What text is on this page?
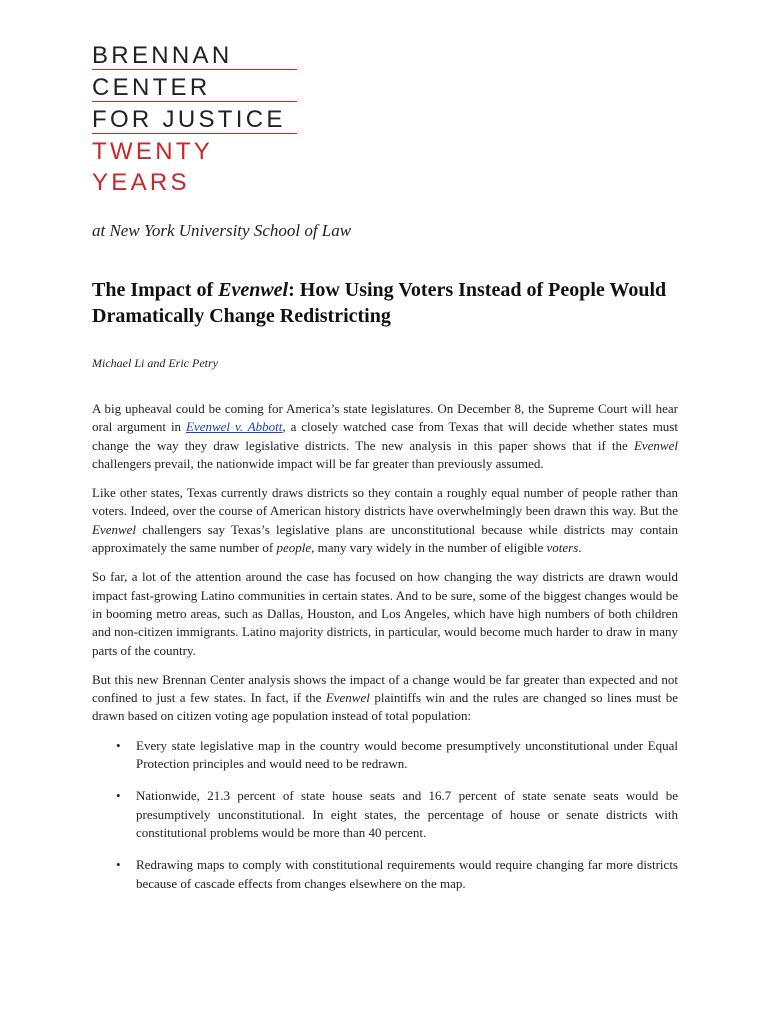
BRENNAN
CENTER
FOR JUSTICE
TWENTY
YEARS
at New York University School of Law
The Impact of Evenwel: How Using Voters Instead of People Would Dramatically Change Redistricting
Michael Li and Eric Petry

A big upheaval could be coming for America’s state legislatures. On December 8, the Supreme Court will hear oral argument in Evenwel v. Abbott, a closely watched case from Texas that will decide whether states must change the way they draw legislative districts. The new analysis in this paper shows that if the Evenwel challengers prevail, the nationwide impact will be far greater than previously assumed.

Like other states, Texas currently draws districts so they contain a roughly equal number of people rather than voters. Indeed, over the course of American history districts have overwhelmingly been drawn this way. But the Evenwel challengers say Texas’s legislative plans are unconstitutional because while districts may contain approximately the same number of people, many vary widely in the number of eligible voters.

So far, a lot of the attention around the case has focused on how changing the way districts are drawn would impact fast-growing Latino communities in certain states. And to be sure, some of the biggest changes would be in booming metro areas, such as Dallas, Houston, and Los Angeles, which have high numbers of both children and non-citizen immigrants. Latino majority districts, in particular, would become much harder to draw in many parts of the country.

But this new Brennan Center analysis shows the impact of a change would be far greater than expected and not confined to just a few states. In fact, if the Evenwel plaintiffs win and the rules are changed so lines must be drawn based on citizen voting age population instead of total population:

• Every state legislative map in the country would become presumptively unconstitutional under Equal Protection principles and would need to be redrawn.
• Nationwide, 21.3 percent of state house seats and 16.7 percent of state senate seats would be presumptively unconstitutional. In eight states, the percentage of house or senate districts with constitutional problems would be more than 40 percent.
• Redrawing maps to comply with constitutional requirements would require changing far more districts because of cascade effects from changes elsewhere on the map.
